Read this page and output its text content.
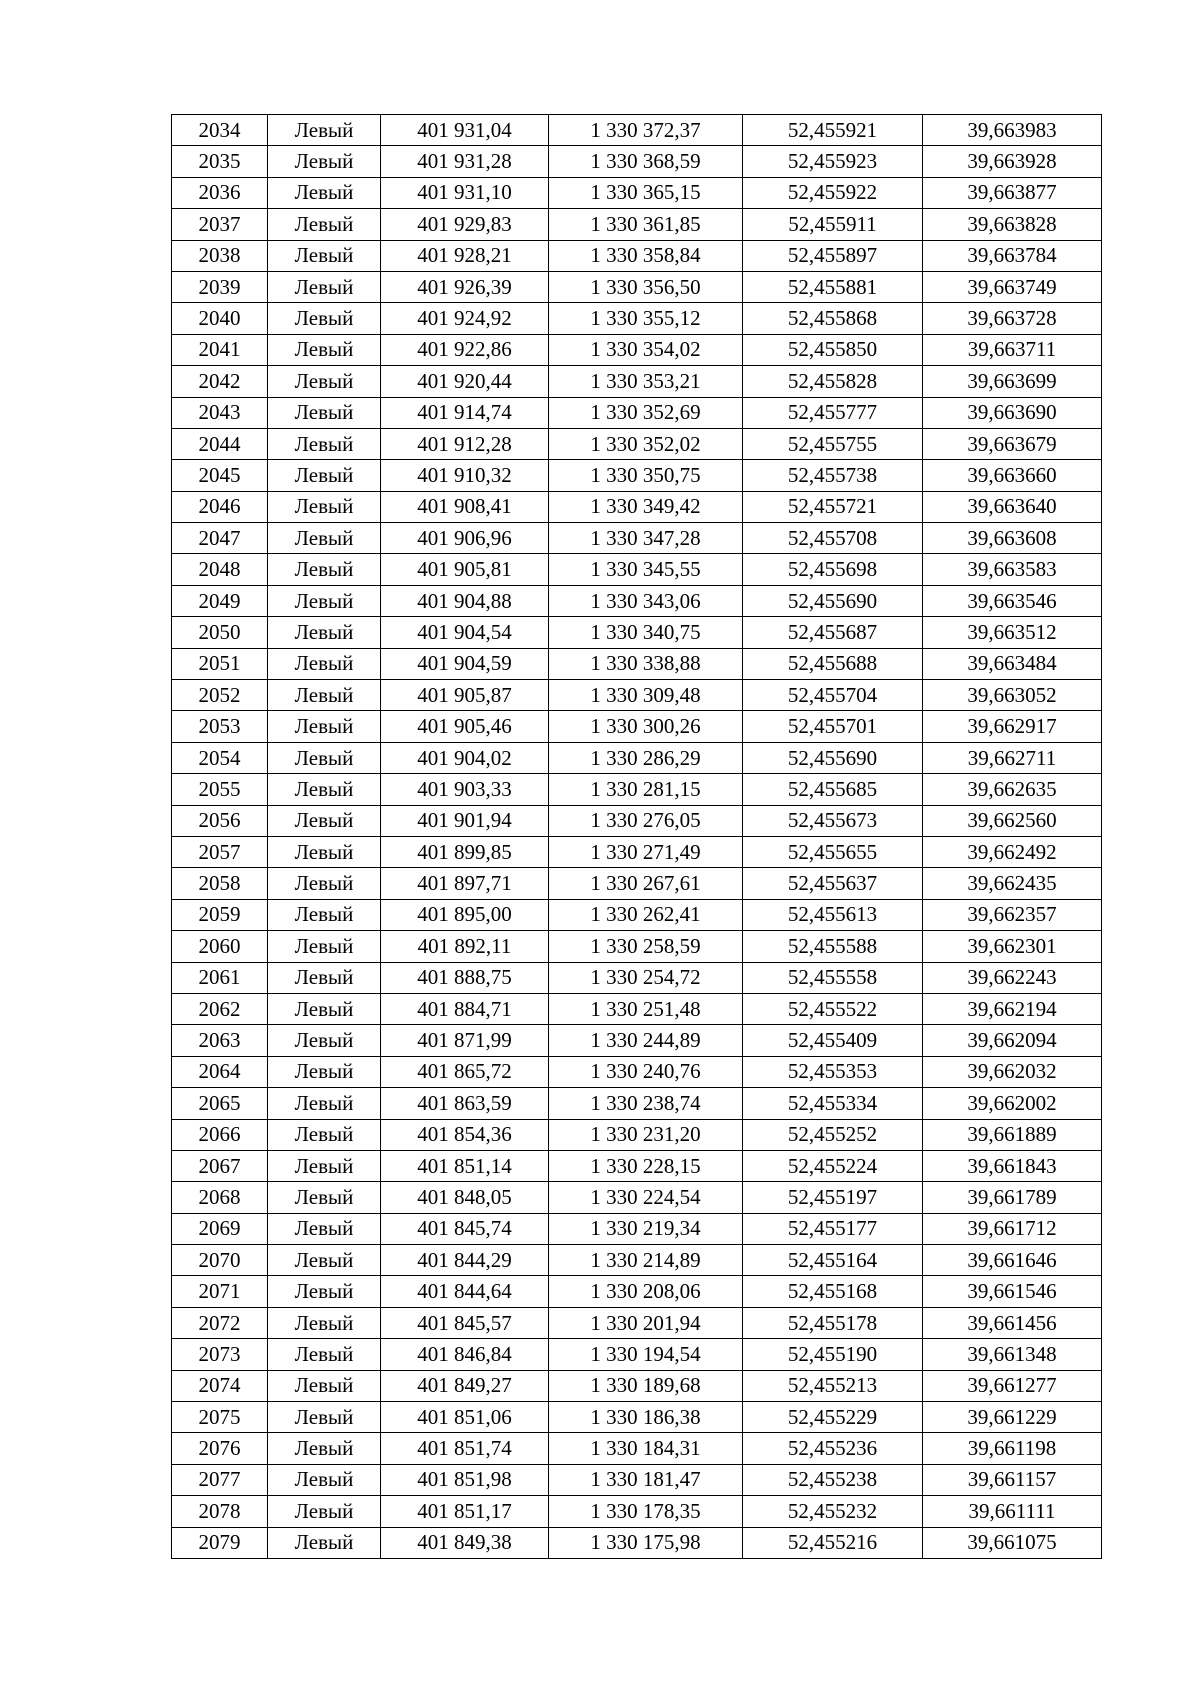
2034	Левый	401 931,04	1 330 372,37	52,455921	39,663983
2035	Левый	401 931,28	1 330 368,59	52,455923	39,663928
2036	Левый	401 931,10	1 330 365,15	52,455922	39,663877
2037	Левый	401 929,83	1 330 361,85	52,455911	39,663828
2038	Левый	401 928,21	1 330 358,84	52,455897	39,663784
2039	Левый	401 926,39	1 330 356,50	52,455881	39,663749
2040	Левый	401 924,92	1 330 355,12	52,455868	39,663728
2041	Левый	401 922,86	1 330 354,02	52,455850	39,663711
2042	Левый	401 920,44	1 330 353,21	52,455828	39,663699
2043	Левый	401 914,74	1 330 352,69	52,455777	39,663690
2044	Левый	401 912,28	1 330 352,02	52,455755	39,663679
2045	Левый	401 910,32	1 330 350,75	52,455738	39,663660
2046	Левый	401 908,41	1 330 349,42	52,455721	39,663640
2047	Левый	401 906,96	1 330 347,28	52,455708	39,663608
2048	Левый	401 905,81	1 330 345,55	52,455698	39,663583
2049	Левый	401 904,88	1 330 343,06	52,455690	39,663546
2050	Левый	401 904,54	1 330 340,75	52,455687	39,663512
2051	Левый	401 904,59	1 330 338,88	52,455688	39,663484
2052	Левый	401 905,87	1 330 309,48	52,455704	39,663052
2053	Левый	401 905,46	1 330 300,26	52,455701	39,662917
2054	Левый	401 904,02	1 330 286,29	52,455690	39,662711
2055	Левый	401 903,33	1 330 281,15	52,455685	39,662635
2056	Левый	401 901,94	1 330 276,05	52,455673	39,662560
2057	Левый	401 899,85	1 330 271,49	52,455655	39,662492
2058	Левый	401 897,71	1 330 267,61	52,455637	39,662435
2059	Левый	401 895,00	1 330 262,41	52,455613	39,662357
2060	Левый	401 892,11	1 330 258,59	52,455588	39,662301
2061	Левый	401 888,75	1 330 254,72	52,455558	39,662243
2062	Левый	401 884,71	1 330 251,48	52,455522	39,662194
2063	Левый	401 871,99	1 330 244,89	52,455409	39,662094
2064	Левый	401 865,72	1 330 240,76	52,455353	39,662032
2065	Левый	401 863,59	1 330 238,74	52,455334	39,662002
2066	Левый	401 854,36	1 330 231,20	52,455252	39,661889
2067	Левый	401 851,14	1 330 228,15	52,455224	39,661843
2068	Левый	401 848,05	1 330 224,54	52,455197	39,661789
2069	Левый	401 845,74	1 330 219,34	52,455177	39,661712
2070	Левый	401 844,29	1 330 214,89	52,455164	39,661646
2071	Левый	401 844,64	1 330 208,06	52,455168	39,661546
2072	Левый	401 845,57	1 330 201,94	52,455178	39,661456
2073	Левый	401 846,84	1 330 194,54	52,455190	39,661348
2074	Левый	401 849,27	1 330 189,68	52,455213	39,661277
2075	Левый	401 851,06	1 330 186,38	52,455229	39,661229
2076	Левый	401 851,74	1 330 184,31	52,455236	39,661198
2077	Левый	401 851,98	1 330 181,47	52,455238	39,661157
2078	Левый	401 851,17	1 330 178,35	52,455232	39,661111
2079	Левый	401 849,38	1 330 175,98	52,455216	39,661075
